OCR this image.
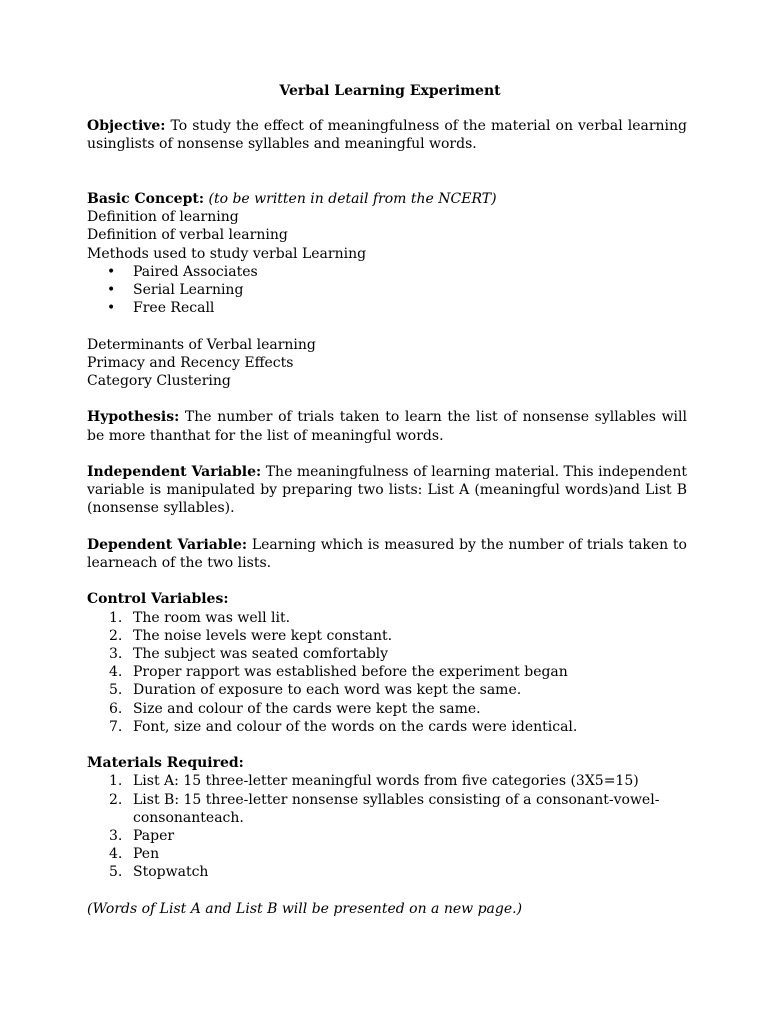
Verbal Learning Experiment

Objective: To study the effect of meaningfulness of the material on verbal learning usinglists of nonsense syllables and meaningful words.

Basic Concept: (to be written in detail from the NCERT)

Definition of learning

Definition of verbal learning

Methods used to study verbal Learning

• Paired Associates
• Serial Learning
• Free Recall

Determinants of Verbal learning

Primacy and Recency Effects

Category Clustering

Hypothesis: The number of trials taken to learn the list of nonsense syllables will be more thanthat for the list of meaningful words.

Independent Variable: The meaningfulness of learning material. This independent variable is manipulated by preparing two lists: List A (meaningful words)and List B (nonsense syllables).

Dependent Variable: Learning which is measured by the number of trials taken to learneach of the two lists.

Control Variables:

1. The room was well lit.
2. The noise levels were kept constant.
3. The subject was seated comfortably
4. Proper rapport was established before the experiment began
5. Duration of exposure to each word was kept the same.
6. Size and colour of the cards were kept the same.
7. Font, size and colour of the words on the cards were identical.

Materials Required:

1. List A: 15 three-letter meaningful words from five categories (3X5=15)
2. List B: 15 three-letter nonsense syllables consisting of a consonant-vowel-consonanteach.
3. Paper
4. Pen
5. Stopwatch

(Words of List A and List B will be presented on a new page.)
